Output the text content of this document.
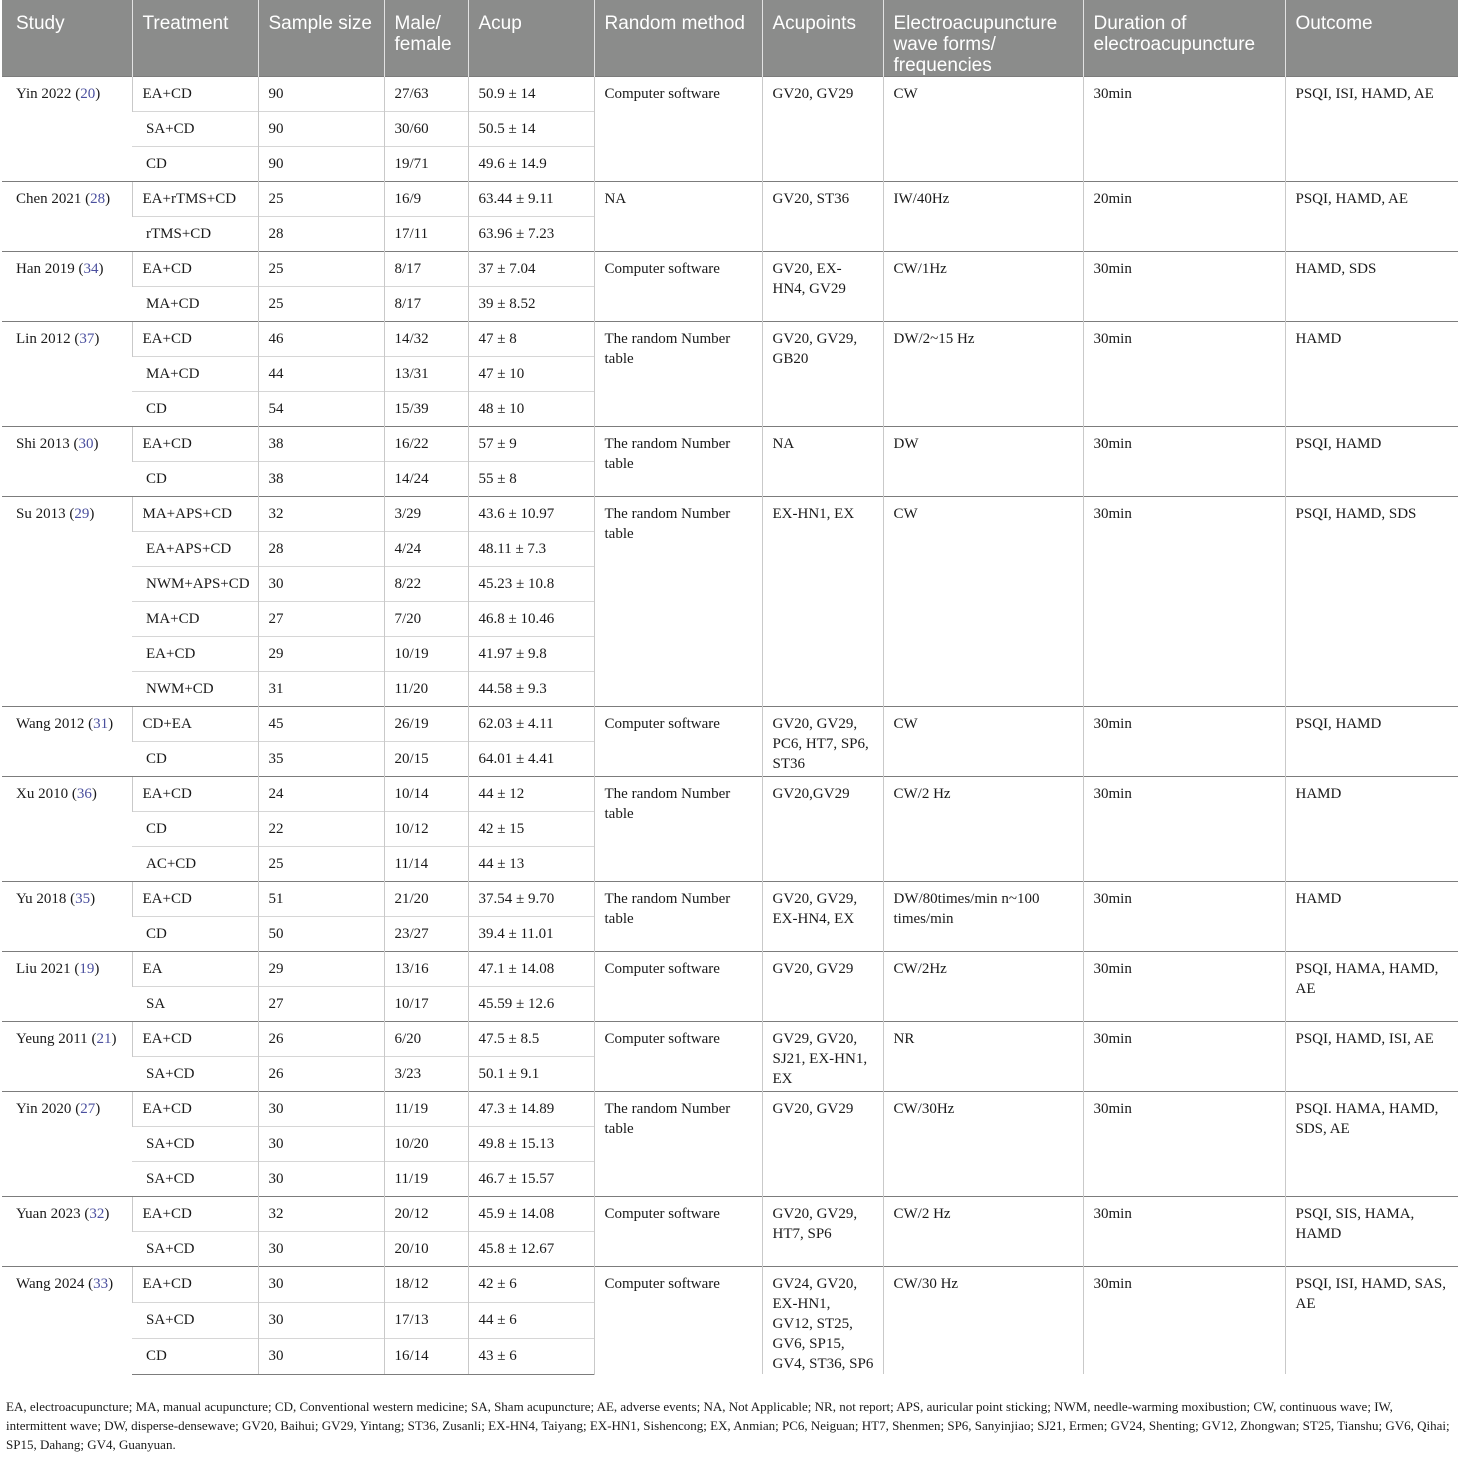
Study	Treatment	Sample size	Male/ female	Acup	Random method	Acupoints	Electroacupuncture wave forms/ frequencies	Duration of electroacupuncture	Outcome
Yin 2022 (20)	EA+CD	90	27/63	50.9 ± 14	Computer software	GV20, GV29	CW	30min	PSQI, ISI, HAMD, AE
	SA+CD	90	30/60	50.5 ± 14					
	CD	90	19/71	49.6 ± 14.9					
Chen 2021 (28)	EA+rTMS+CD	25	16/9	63.44 ± 9.11	NA	GV20, ST36	IW/40Hz	20min	PSQI, HAMD, AE
	rTMS+CD	28	17/11	63.96 ± 7.23					
Han 2019 (34)	EA+CD	25	8/17	37 ± 7.04	Computer software	GV20, EX-HN4, GV29	CW/1Hz	30min	HAMD, SDS
	MA+CD	25	8/17	39 ± 8.52					
Lin 2012 (37)	EA+CD	46	14/32	47 ± 8	The random Number table	GV20, GV29, GB20	DW/2~15 Hz	30min	HAMD
	MA+CD	44	13/31	47 ± 10					
	CD	54	15/39	48 ± 10					
Shi 2013 (30)	EA+CD	38	16/22	57 ± 9	The random Number table	NA	DW	30min	PSQI, HAMD
	CD	38	14/24	55 ± 8					
Su 2013 (29)	MA+APS+CD	32	3/29	43.6 ± 10.97	The random Number table	EX-HN1, EX	CW	30min	PSQI, HAMD, SDS
	EA+APS+CD	28	4/24	48.11 ± 7.3					
	NWM+APS+CD	30	8/22	45.23 ± 10.8					
	MA+CD	27	7/20	46.8 ± 10.46					
	EA+CD	29	10/19	41.97 ± 9.8					
	NWM+CD	31	11/20	44.58 ± 9.3					
Wang 2012 (31)	CD+EA	45	26/19	62.03 ± 4.11	Computer software	GV20, GV29, PC6, HT7, SP6, ST36	CW	30min	PSQI, HAMD
	CD	35	20/15	64.01 ± 4.41					
Xu 2010 (36)	EA+CD	24	10/14	44 ± 12	The random Number table	GV20,GV29	CW/2 Hz	30min	HAMD
	CD	22	10/12	42 ± 15					
	AC+CD	25	11/14	44 ± 13					
Yu 2018 (35)	EA+CD	51	21/20	37.54 ± 9.70	The random Number table	GV20, GV29, EX-HN4, EX	DW/80times/min n~100 times/min	30min	HAMD
	CD	50	23/27	39.4 ± 11.01					
Liu 2021 (19)	EA	29	13/16	47.1 ± 14.08	Computer software	GV20, GV29	CW/2Hz	30min	PSQI, HAMA, HAMD, AE
	SA	27	10/17	45.59 ± 12.6					
Yeung 2011 (21)	EA+CD	26	6/20	47.5 ± 8.5	Computer software	GV29, GV20, SJ21, EX-HN1, EX	NR	30min	PSQI, HAMD, ISI, AE
	SA+CD	26	3/23	50.1 ± 9.1					
Yin 2020 (27)	EA+CD	30	11/19	47.3 ± 14.89	The random Number table	GV20, GV29	CW/30Hz	30min	PSQI. HAMA, HAMD, SDS, AE
	SA+CD	30	10/20	49.8 ± 15.13					
	SA+CD	30	11/19	46.7 ± 15.57					
Yuan 2023 (32)	EA+CD	32	20/12	45.9 ± 14.08	Computer software	GV20, GV29, HT7, SP6	CW/2 Hz	30min	PSQI, SIS, HAMA, HAMD
	SA+CD	30	20/10	45.8 ± 12.67					
Wang 2024 (33)	EA+CD	30	18/12	42 ± 6	Computer software	GV24, GV20, EX-HN1, GV12, ST25, GV6, SP15, GV4, ST36, SP6	CW/30 Hz	30min	PSQI, ISI, HAMD, SAS, AE
	SA+CD	30	17/13	44 ± 6					
	CD	30	16/14	43 ± 6					

EA, electroacupuncture; MA, manual acupuncture; CD, Conventional western medicine; SA, Sham acupuncture; AE, adverse events; NA, Not Applicable; NR, not report; APS, auricular point sticking; NWM, needle-warming moxibustion; CW, continuous wave; IW, intermittent wave; DW, disperse-densewave; GV20, Baihui; GV29, Yintang; ST36, Zusanli; EX-HN4, Taiyang; EX-HN1, Sishencong; EX, Anmian; PC6, Neiguan; HT7, Shenmen; SP6, Sanyinjiao; SJ21, Ermen; GV24, Shenting; GV12, Zhongwan; ST25, Tianshu; GV6, Qihai; SP15, Dahang; GV4, Guanyuan.
